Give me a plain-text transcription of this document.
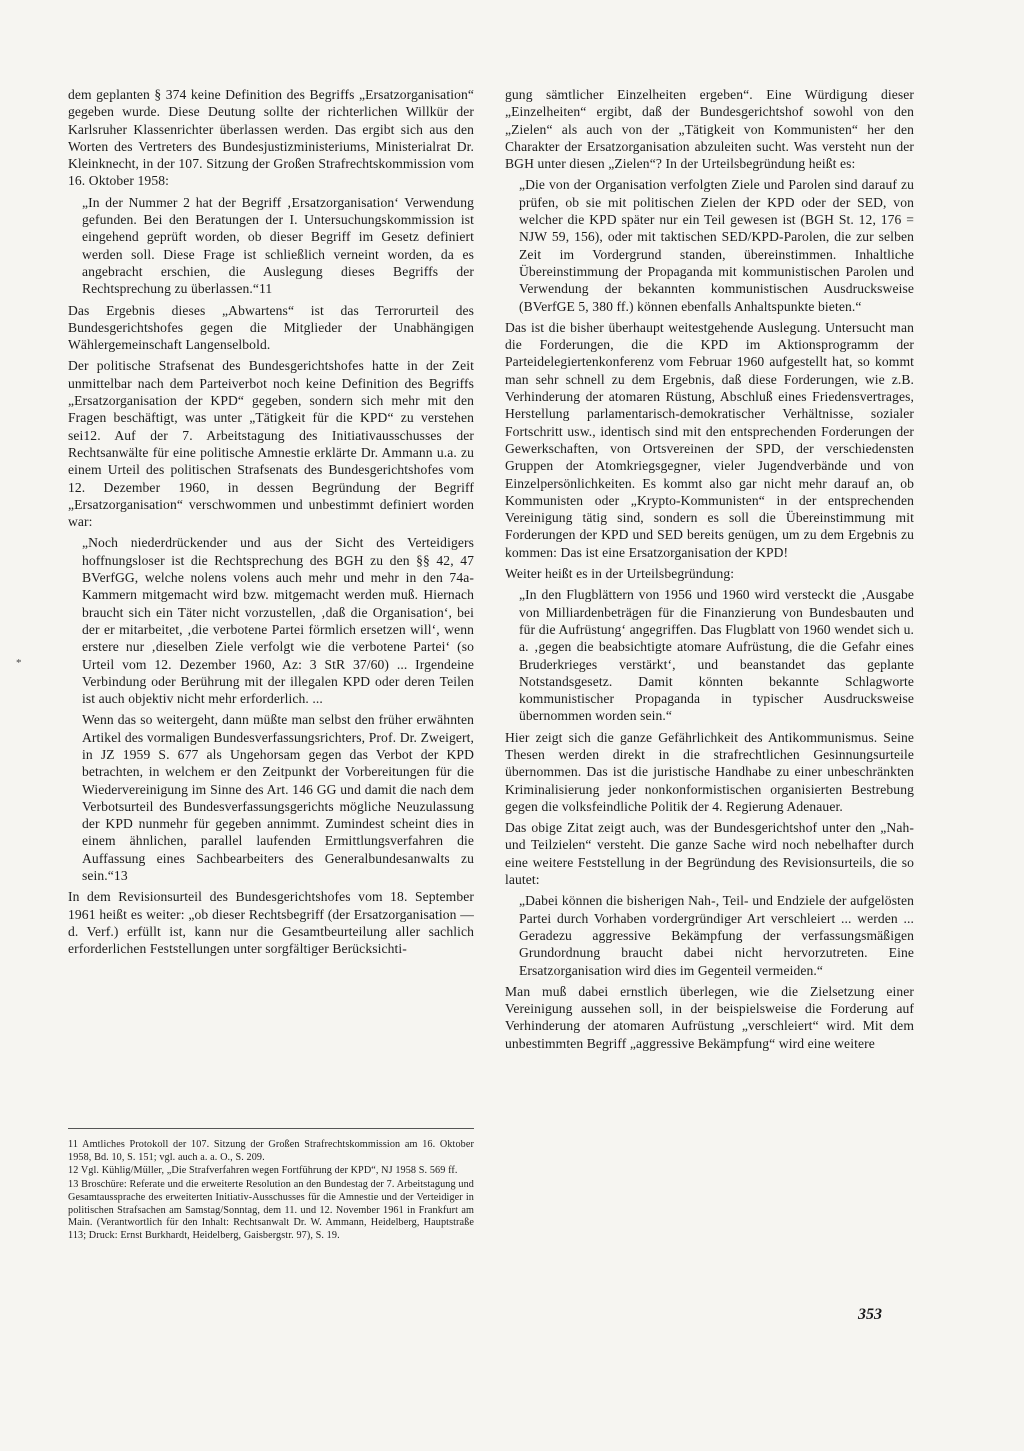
dem geplanten § 374 keine Definition des Begriffs „Ersatzorganisation“ gegeben wurde. Diese Deutung sollte der richterlichen Willkür der Karlsruher Klassenrichter überlassen werden. Das ergibt sich aus den Worten des Vertreters des Bundesjustizministeriums, Ministerialrat Dr. Kleinknecht, in der 107. Sitzung der Großen Strafrechtskommission vom 16. Oktober 1958:

„In der Nummer 2 hat der Begriff ‚Ersatzorganisation‘ Verwendung gefunden. Bei den Beratungen der I. Untersuchungskommission ist eingehend geprüft worden, ob dieser Begriff im Gesetz definiert werden soll. Diese Frage ist schließlich verneint worden, da es angebracht erschien, die Auslegung dieses Begriffs der Rechtsprechung zu überlassen.“11

Das Ergebnis dieses „Abwartens“ ist das Terrorurteil des Bundesgerichtshofes gegen die Mitglieder der Unabhängigen Wählergemeinschaft Langenselbold.

Der politische Strafsenat des Bundesgerichtshofes hatte in der Zeit unmittelbar nach dem Parteiverbot noch keine Definition des Begriffs „Ersatzorganisation der KPD“ gegeben, sondern sich mehr mit den Fragen beschäftigt, was unter „Tätigkeit für die KPD“ zu verstehen sei12. Auf der 7. Arbeitstagung des Initiativausschusses der Rechtsanwälte für eine politische Amnestie erklärte Dr. Ammann u.a. zu einem Urteil des politischen Strafsenats des Bundesgerichtshofes vom 12. Dezember 1960, in dessen Begründung der Begriff „Ersatzorganisation“ verschwommen und unbestimmt definiert worden war:

„Noch niederdrückender und aus der Sicht des Verteidigers hoffnungsloser ist die Rechtsprechung des BGH zu den §§ 42, 47 BVerfGG, welche nolens volens auch mehr und mehr in den 74a-Kammern mitgemacht wird bzw. mitgemacht werden muß. Hiernach braucht sich ein Täter nicht vorzustellen, ‚daß die Organisation‘, bei der er mitarbeitet, ‚die verbotene Partei förmlich ersetzen will‘, wenn erstere nur ‚dieselben Ziele verfolgt wie die verbotene Partei‘ (so Urteil vom 12. Dezember 1960, Az: 3 StR 37/60) ... Irgendeine Verbindung oder Berührung mit der illegalen KPD oder deren Teilen ist auch objektiv nicht mehr erforderlich. ...

Wenn das so weitergeht, dann müßte man selbst den früher erwähnten Artikel des vormaligen Bundesverfassungsrichters, Prof. Dr. Zweigert, in JZ 1959 S. 677 als Ungehorsam gegen das Verbot der KPD betrachten, in welchem er den Zeitpunkt der Vorbereitungen für die Wiedervereinigung im Sinne des Art. 146 GG und damit die nach dem Verbotsurteil des Bundesverfassungsgerichts mögliche Neuzulassung der KPD nunmehr für gegeben annimmt. Zumindest scheint dies in einem ähnlichen, parallel laufenden Ermittlungsverfahren die Auffassung eines Sachbearbeiters des Generalbundesanwalts zu sein.“13

In dem Revisionsurteil des Bundesgerichtshofes vom 18. September 1961 heißt es weiter: „ob dieser Rechtsbegriff (der Ersatzorganisation — d. Verf.) erfüllt ist, kann nur die Gesamtbeurteilung aller sachlich erforderlichen Feststellungen unter sorgfältiger Berücksichti-

gung sämtlicher Einzelheiten ergeben“. Eine Würdigung dieser „Einzelheiten“ ergibt, daß der Bundesgerichtshof sowohl von den „Zielen“ als auch von der „Tätigkeit von Kommunisten“ her den Charakter der Ersatzorganisation abzuleiten sucht. Was versteht nun der BGH unter diesen „Zielen“? In der Urteilsbegründung heißt es:

„Die von der Organisation verfolgten Ziele und Parolen sind darauf zu prüfen, ob sie mit politischen Zielen der KPD oder der SED, von welcher die KPD später nur ein Teil gewesen ist (BGH St. 12, 176 = NJW 59, 156), oder mit taktischen SED/KPD-Parolen, die zur selben Zeit im Vordergrund standen, übereinstimmen. Inhaltliche Übereinstimmung der Propaganda mit kommunistischen Parolen und Verwendung der bekannten kommunistischen Ausdrucksweise (BVerfGE 5, 380 ff.) können ebenfalls Anhaltspunkte bieten.“

Das ist die bisher überhaupt weitestgehende Auslegung. Untersucht man die Forderungen, die die KPD im Aktionsprogramm der Parteidelegiertenkonferenz vom Februar 1960 aufgestellt hat, so kommt man sehr schnell zu dem Ergebnis, daß diese Forderungen, wie z.B. Verhinderung der atomaren Rüstung, Abschluß eines Friedensvertrages, Herstellung parlamentarisch-demokratischer Verhältnisse, sozialer Fortschritt usw., identisch sind mit den entsprechenden Forderungen der Gewerkschaften, von Ortsvereinen der SPD, der verschiedensten Gruppen der Atomkriegsgegner, vieler Jugendverbände und von Einzelpersönlichkeiten. Es kommt also gar nicht mehr darauf an, ob Kommunisten oder „Krypto-Kommunisten“ in der entsprechenden Vereinigung tätig sind, sondern es soll die Übereinstimmung mit Forderungen der KPD und SED bereits genügen, um zu dem Ergebnis zu kommen: Das ist eine Ersatzorganisation der KPD!

Weiter heißt es in der Urteilsbegründung:

„In den Flugblättern von 1956 und 1960 wird versteckt die ‚Ausgabe von Milliardenbeträgen für die Finanzierung von Bundesbauten und für die Aufrüstung‘ angegriffen. Das Flugblatt von 1960 wendet sich u. a. ‚gegen die beabsichtigte atomare Aufrüstung, die die Gefahr eines Bruderkrieges verstärkt‘, und beanstandet das geplante Notstandsgesetz. Damit könnten bekannte Schlagworte kommunistischer Propaganda in typischer Ausdrucksweise übernommen worden sein.“

Hier zeigt sich die ganze Gefährlichkeit des Antikommunismus. Seine Thesen werden direkt in die strafrechtlichen Gesinnungsurteile übernommen. Das ist die juristische Handhabe zu einer unbeschränkten Kriminalisierung jeder nonkonformistischen organisierten Bestrebung gegen die volksfeindliche Politik der 4. Regierung Adenauer.

Das obige Zitat zeigt auch, was der Bundesgerichtshof unter den „Nah- und Teilzielen“ versteht. Die ganze Sache wird noch nebelhafter durch eine weitere Feststellung in der Begründung des Revisionsurteils, die so lautet:

„Dabei können die bisherigen Nah-, Teil- und Endziele der aufgelösten Partei durch Vorhaben vordergründiger Art verschleiert ... werden ... Geradezu aggressive Bekämpfung der verfassungsmäßigen Grundordnung braucht dabei nicht hervorzutreten. Eine Ersatzorganisation wird dies im Gegenteil vermeiden.“

Man muß dabei ernstlich überlegen, wie die Zielsetzung einer Vereinigung aussehen soll, in der beispielsweise die Forderung auf Verhinderung der atomaren Aufrüstung „verschleiert“ wird. Mit dem unbestimmten Begriff „aggressive Bekämpfung“ wird eine weitere

11 Amtliches Protokoll der 107. Sitzung der Großen Strafrechtskommission am 16. Oktober 1958, Bd. 10, S. 151; vgl. auch a. a. O., S. 209.

12 Vgl. Kühlig/Müller, „Die Strafverfahren wegen Fortführung der KPD“, NJ 1958 S. 569 ff.

13 Broschüre: Referate und die erweiterte Resolution an den Bundestag der 7. Arbeitstagung und Gesamtaussprache des erweiterten Initiativ-Ausschusses für die Amnestie und der Verteidiger in politischen Strafsachen am Samstag/Sonntag, dem 11. und 12. November 1961 in Frankfurt am Main. (Verantwortlich für den Inhalt: Rechtsanwalt Dr. W. Ammann, Heidelberg, Hauptstraße 113; Druck: Ernst Burkhardt, Heidelberg, Gaisbergstr. 97), S. 19.

*
353
